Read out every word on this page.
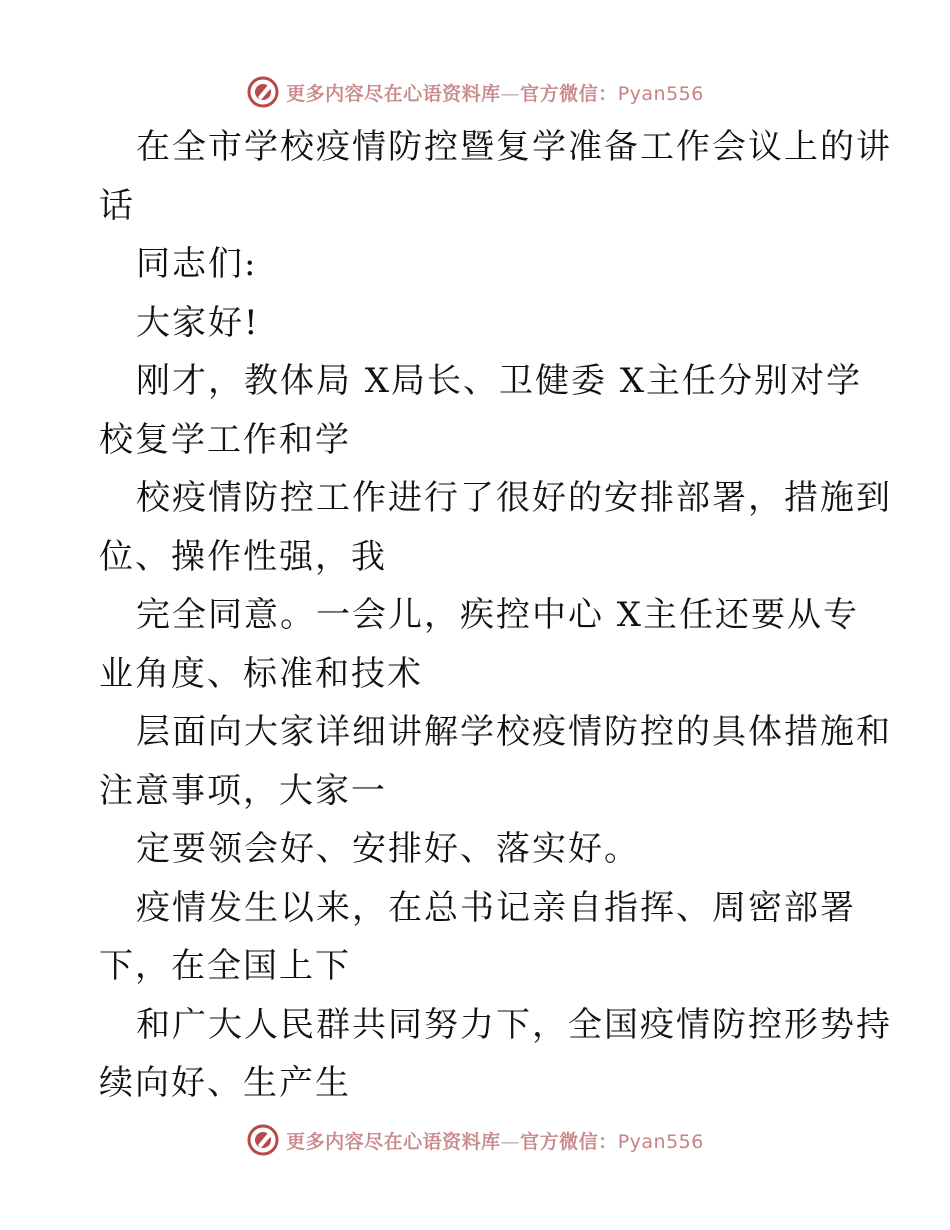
更多内容尽在心语资料库—官方微信：Pyan556
在全市学校疫情防控暨复学准备工作会议上的讲
话
同志们:
大家好!
刚才，教体局 X局长、卫健委 X主任分别对学
校复学工作和学
校疫情防控工作进行了很好的安排部署，措施到
位、操作性强，我
完全同意。一会儿，疾控中心 X主任还要从专
业角度、标准和技术
层面向大家详细讲解学校疫情防控的具体措施和
注意事项，大家一
定要领会好、安排好、落实好。
疫情发生以来，在总书记亲自指挥、周密部署
下，在全国上下
和广大人民群共同努力下，全国疫情防控形势持
续向好、生产生
更多内容尽在心语资料库—官方微信：Pyan556
